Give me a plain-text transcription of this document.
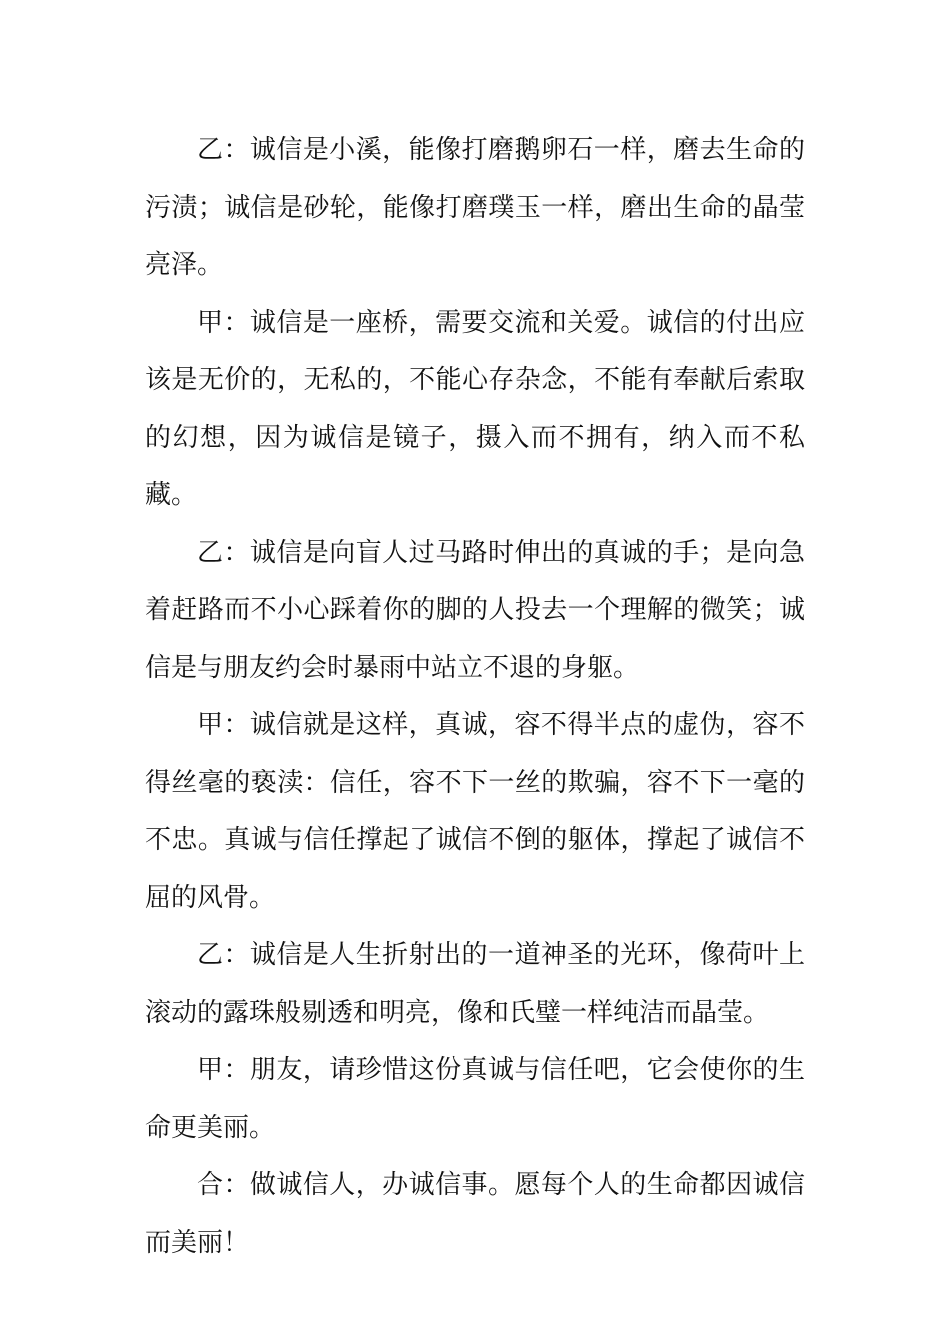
乙：诚信是小溪，能像打磨鹅卵石一样，磨去生命的污渍；诚信是砂轮，能像打磨璞玉一样，磨出生命的晶莹亮泽。

甲：诚信是一座桥，需要交流和关爱。诚信的付出应该是无价的，无私的，不能心存杂念，不能有奉献后索取的幻想，因为诚信是镜子，摄入而不拥有，纳入而不私藏。

乙：诚信是向盲人过马路时伸出的真诚的手；是向急着赶路而不小心踩着你的脚的人投去一个理解的微笑；诚信是与朋友约会时暴雨中站立不退的身躯。

甲：诚信就是这样，真诚，容不得半点的虚伪，容不得丝毫的亵渎：信任，容不下一丝的欺骗，容不下一毫的不忠。真诚与信任撑起了诚信不倒的躯体，撑起了诚信不屈的风骨。

乙：诚信是人生折射出的一道神圣的光环，像荷叶上滚动的露珠般剔透和明亮，像和氏璧一样纯洁而晶莹。

甲：朋友，请珍惜这份真诚与信任吧，它会使你的生命更美丽。

合：做诚信人，办诚信事。愿每个人的生命都因诚信而美丽！
